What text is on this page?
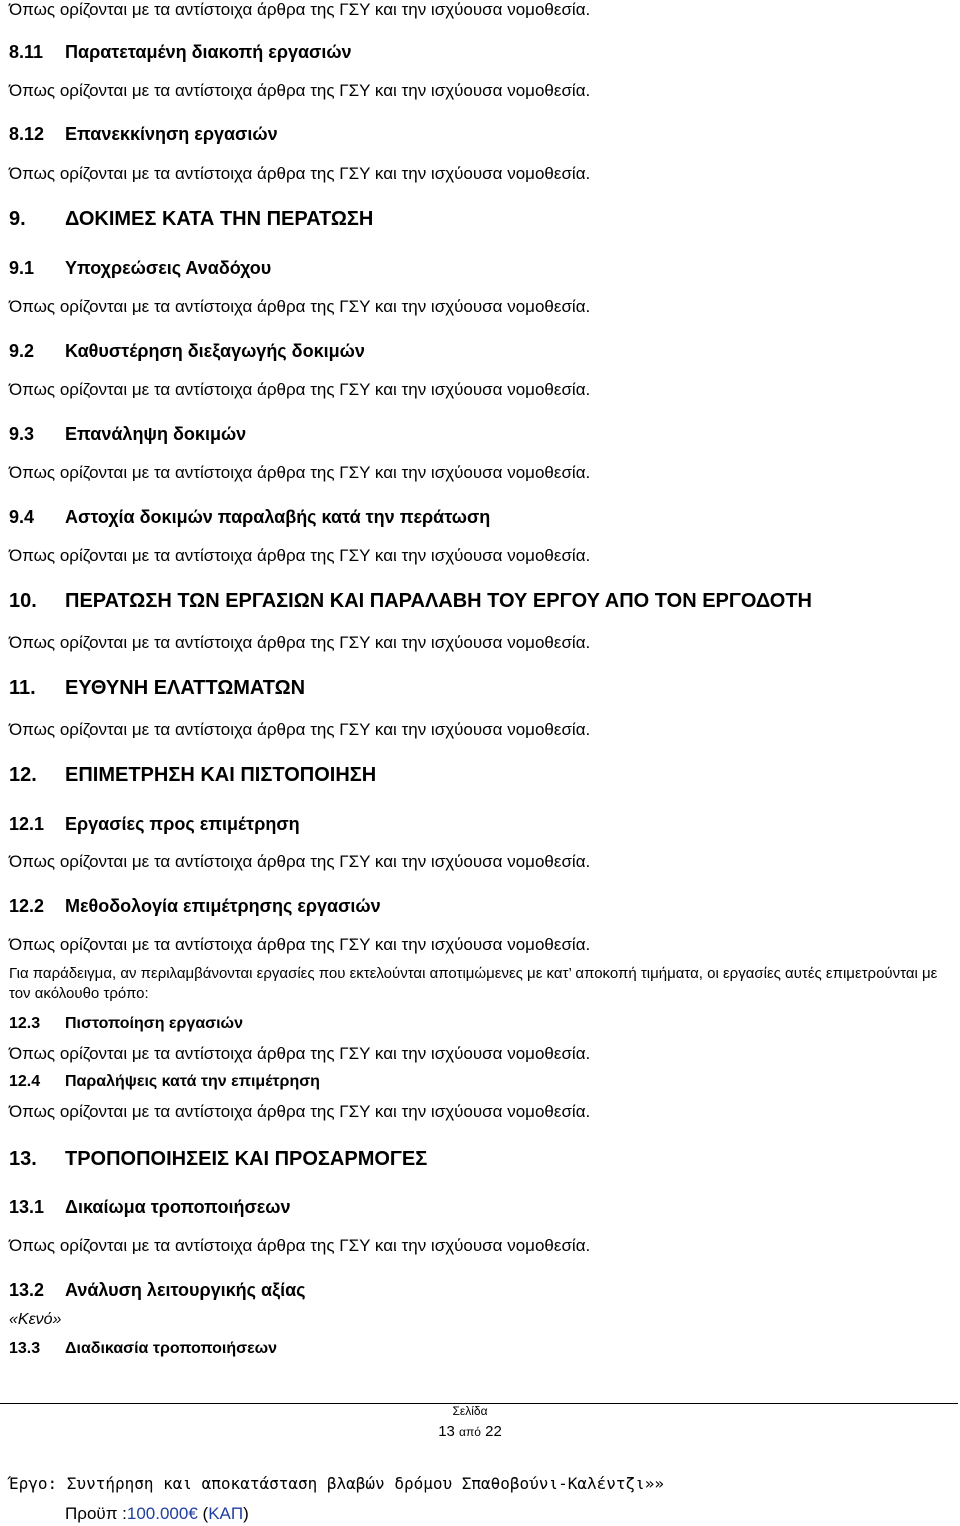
Όπως ορίζονται με τα αντίστοιχα άρθρα της ΓΣΥ και την ισχύουσα νομοθεσία.
8.11 Παρατεταμένη διακοπή εργασιών
Όπως ορίζονται με τα αντίστοιχα άρθρα της ΓΣΥ και την ισχύουσα νομοθεσία.
8.12 Επανεκκίνηση εργασιών
Όπως ορίζονται με τα αντίστοιχα άρθρα της ΓΣΥ και την ισχύουσα νομοθεσία.
9. ΔΟΚΙΜΕΣ ΚΑΤΑ ΤΗΝ ΠΕΡΑΤΩΣΗ
9.1 Υποχρεώσεις Αναδόχου
Όπως ορίζονται με τα αντίστοιχα άρθρα της ΓΣΥ και την ισχύουσα νομοθεσία.
9.2 Καθυστέρηση διεξαγωγής δοκιμών
Όπως ορίζονται με τα αντίστοιχα άρθρα της ΓΣΥ και την ισχύουσα νομοθεσία.
9.3 Επανάληψη δοκιμών
Όπως ορίζονται με τα αντίστοιχα άρθρα της ΓΣΥ και την ισχύουσα νομοθεσία.
9.4 Αστοχία δοκιμών παραλαβής κατά την περάτωση
Όπως ορίζονται με τα αντίστοιχα άρθρα της ΓΣΥ και την ισχύουσα νομοθεσία.
10. ΠΕΡΑΤΩΣΗ ΤΩΝ ΕΡΓΑΣΙΩΝ ΚΑΙ ΠΑΡΑΛΑΒΗ ΤΟΥ ΕΡΓΟΥ ΑΠΟ ΤΟΝ ΕΡΓΟΔΟΤΗ
Όπως ορίζονται με τα αντίστοιχα άρθρα της ΓΣΥ και την ισχύουσα νομοθεσία.
11. ΕΥΘΥΝΗ ΕΛΑΤΤΩΜΑΤΩΝ
Όπως ορίζονται με τα αντίστοιχα άρθρα της ΓΣΥ και την ισχύουσα νομοθεσία.
12. ΕΠΙΜΕΤΡΗΣΗ ΚΑΙ ΠΙΣΤΟΠΟΙΗΣΗ
12.1 Εργασίες προς επιμέτρηση
Όπως ορίζονται με τα αντίστοιχα άρθρα της ΓΣΥ και την ισχύουσα νομοθεσία.
12.2 Μεθοδολογία επιμέτρησης εργασιών
Όπως ορίζονται με τα αντίστοιχα άρθρα της ΓΣΥ και την ισχύουσα νομοθεσία.
Για παράδειγμα, αν περιλαμβάνονται εργασίες που εκτελούνται αποτιμώμενες με κατ’ αποκοπή τιμήματα, οι εργασίες αυτές επιμετρούνται με τον ακόλουθο τρόπο:
12.3 Πιστοποίηση εργασιών
Όπως ορίζονται με τα αντίστοιχα άρθρα της ΓΣΥ και την ισχύουσα νομοθεσία.
12.4 Παραλήψεις κατά την επιμέτρηση
Όπως ορίζονται με τα αντίστοιχα άρθρα της ΓΣΥ και την ισχύουσα νομοθεσία.
13. ΤΡΟΠΟΠΟΙΗΣΕΙΣ ΚΑΙ ΠΡΟΣΑΡΜΟΓΕΣ
13.1 Δικαίωμα τροποποιήσεων
Όπως ορίζονται με τα αντίστοιχα άρθρα της ΓΣΥ και την ισχύουσα νομοθεσία.
13.2 Ανάλυση λειτουργικής αξίας
«Κενό»
13.3 Διαδικασία τροποποιήσεων
Σελίδα
13 από 22
Έργο: Συντήρηση και αποκατάσταση βλαβών δρόμου Σπαθοβούνι-Καλέντζι»»
Προϋπ :100.000€ (ΚΑΠ)
